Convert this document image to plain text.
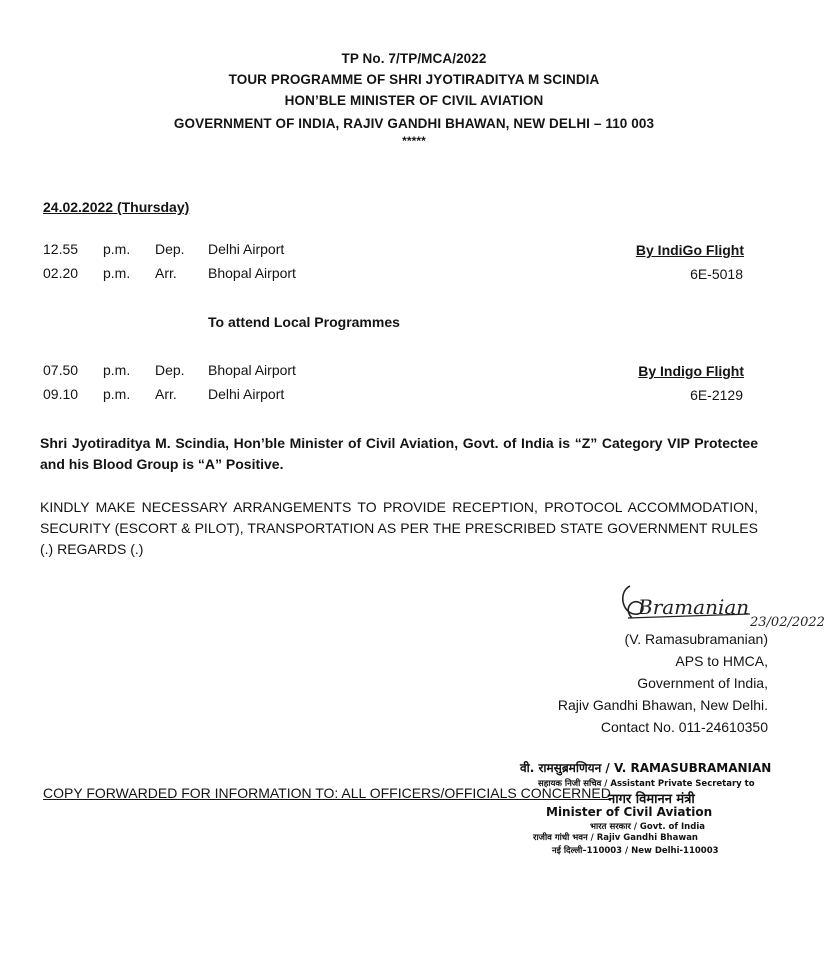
TP No. 7/TP/MCA/2022
TOUR PROGRAMME OF SHRI JYOTIRADITYA M SCINDIA
HON’BLE MINISTER OF CIVIL AVIATION
GOVERNMENT OF INDIA, RAJIV GANDHI BHAWAN, NEW DELHI – 110 003
*****
24.02.2022 (Thursday)
12.55 p.m. Dep. Delhi Airport	By IndiGo Flight
02.20 p.m. Arr. Bhopal Airport	6E-5018
To attend Local Programmes
07.50 p.m. Dep. Bhopal Airport	By Indigo Flight
09.10 p.m. Arr. Delhi Airport	6E-2129
Shri Jyotiraditya M. Scindia, Hon’ble Minister of Civil Aviation, Govt. of India is “Z” Category VIP Protectee and his Blood Group is “A” Positive.
KINDLY MAKE NECESSARY ARRANGEMENTS TO PROVIDE RECEPTION, PROTOCOL ACCOMMODATION, SECURITY (ESCORT & PILOT), TRANSPORTATION AS PER THE PRESCRIBED STATE GOVERNMENT RULES (.) REGARDS (.)
Bramanian
23/02/2022
(V. Ramasubramanian)
APS to HMCA,
Government of India,
Rajiv Gandhi Bhawan, New Delhi.
Contact No. 011-24610350
COPY FORWARDED FOR INFORMATION TO: ALL OFFICERS/OFFICIALS CONCERNED
वी. रामसुब्रमणियन / V. RAMASUBRAMANIAN
सहायक निजी सचिव / Assistant Private Secretary to
नागर विमानन मंत्री
Minister of Civil Aviation
भारत सरकार / Govt. of India
राजीव गांधी भवन / Rajiv Gandhi Bhawan
नई दिल्ली–110003 / New Delhi-110003
